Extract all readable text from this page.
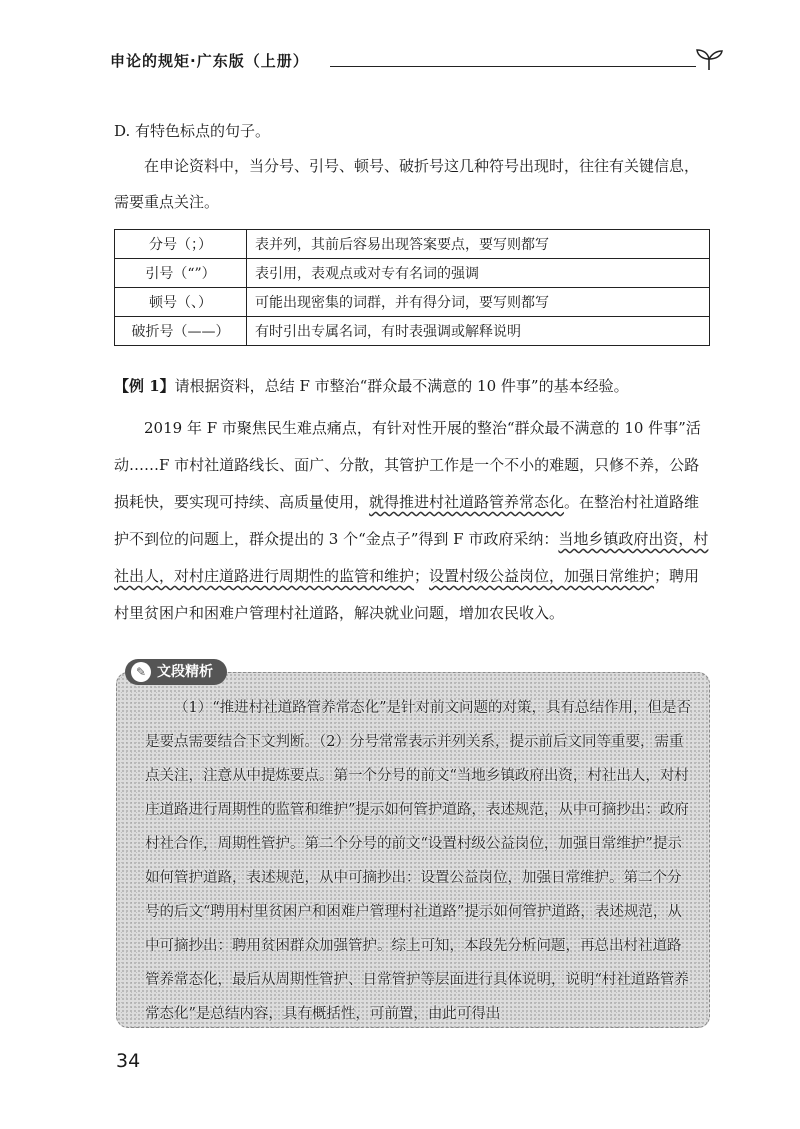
申论的规矩·广东版（上册）
D. 有特色标点的句子。
在申论资料中，当分号、引号、顿号、破折号这几种符号出现时，往往有关键信息，需要重点关注。
分号（；）	表并列，其前后容易出现答案要点，要写则都写
引号（“”）	表引用，表观点或对专有名词的强调
顿号（、）	可能出现密集的词群，并有得分词，要写则都写
破折号（——）	有时引出专属名词，有时表强调或解释说明
【例 1】请根据资料，总结 F 市整治“群众最不满意的 10 件事”的基本经验。
2019 年 F 市聚焦民生难点痛点，有针对性开展的整治“群众最不满意的 10 件事”活动……F 市村社道路线长、面广、分散，其管护工作是一个不小的难题，只修不养，公路损耗快，要实现可持续、高质量使用，就得推进村社道路管养常态化。在整治村社道路维护不到位的问题上，群众提出的 3 个“金点子”得到 F 市政府采纳：当地乡镇政府出资，村社出人，对村庄道路进行周期性的监管和维护；设置村级公益岗位，加强日常维护；聘用村里贫困户和困难户管理村社道路，解决就业问题，增加农民收入。
✎ 文段精析
（1）“推进村社道路管养常态化”是针对前文问题的对策，具有总结作用，但是否是要点需要结合下文判断。（2）分号常常表示并列关系，提示前后文同等重要，需重点关注，注意从中提炼要点。第一个分号的前文“当地乡镇政府出资，村社出人，对村庄道路进行周期性的监管和维护”提示如何管护道路，表述规范，从中可摘抄出：政府村社合作，周期性管护。第二个分号的前文“设置村级公益岗位，加强日常维护”提示如何管护道路，表述规范，从中可摘抄出：设置公益岗位，加强日常维护。第二个分号的后文“聘用村里贫困户和困难户管理村社道路”提示如何管护道路，表述规范，从中可摘抄出：聘用贫困群众加强管护。综上可知，本段先分析问题，再总出村社道路管养常态化，最后从周期性管护、日常管护等层面进行具体说明，说明“村社道路管养常态化”是总结内容，具有概括性，可前置，由此可得出
34
